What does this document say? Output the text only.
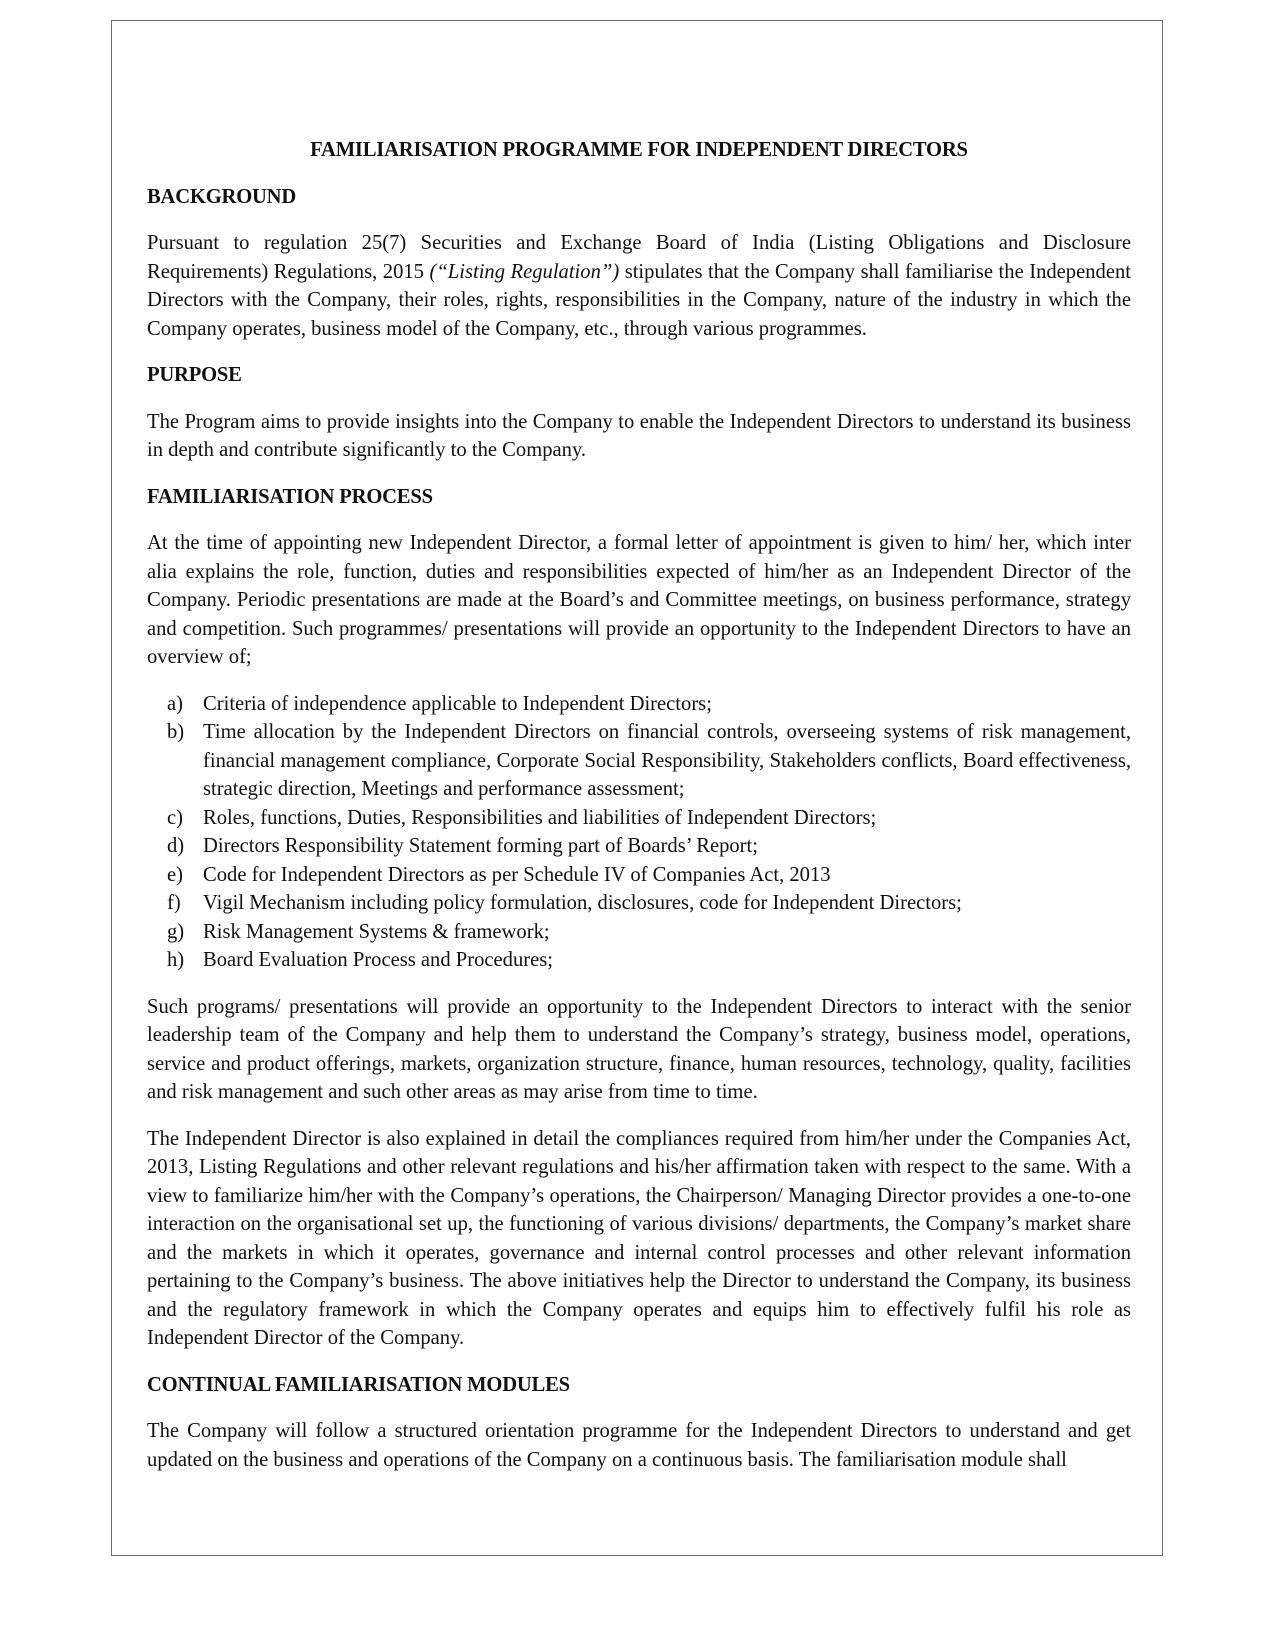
FAMILIARISATION PROGRAMME FOR INDEPENDENT DIRECTORS
BACKGROUND

Pursuant to regulation 25(7) Securities and Exchange Board of India (Listing Obligations and Disclosure Requirements) Regulations, 2015 (“Listing Regulation”) stipulates that the Company shall familiarise the Independent Directors with the Company, their roles, rights, responsibilities in the Company, nature of the industry in which the Company operates, business model of the Company, etc., through various programmes.

PURPOSE

The Program aims to provide insights into the Company to enable the Independent Directors to understand its business in depth and contribute significantly to the Company.

FAMILIARISATION PROCESS

At the time of appointing new Independent Director, a formal letter of appointment is given to him/ her, which inter alia explains the role, function, duties and responsibilities expected of him/her as an Independent Director of the Company. Periodic presentations are made at the Board’s and Committee meetings, on business performance, strategy and competition. Such programmes/ presentations will provide an opportunity to the Independent Directors to have an overview of;

a) Criteria of independence applicable to Independent Directors;
b) Time allocation by the Independent Directors on financial controls, overseeing systems of risk management, financial management compliance, Corporate Social Responsibility, Stakeholders conflicts, Board effectiveness, strategic direction, Meetings and performance assessment;
c) Roles, functions, Duties, Responsibilities and liabilities of Independent Directors;
d) Directors Responsibility Statement forming part of Boards’ Report;
e) Code for Independent Directors as per Schedule IV of Companies Act, 2013
f)	Vigil Mechanism including policy formulation, disclosures, code for Independent Directors;
g) Risk Management Systems & framework;
h) Board Evaluation Process and Procedures;

Such programs/ presentations will provide an opportunity to the Independent Directors to interact with the senior leadership team of the Company and help them to understand the Company’s strategy, business model, operations, service and product offerings, markets, organization structure, finance, human resources, technology, quality, facilities and risk management and such other areas as may arise from time to time.

The Independent Director is also explained in detail the compliances required from him/her under the Companies Act, 2013, Listing Regulations and other relevant regulations and his/her affirmation taken with respect to the same. With a view to familiarize him/her with the Company’s operations, the Chairperson/ Managing Director provides a one-to-one interaction on the organisational set up, the functioning of various divisions/ departments, the Company’s market share and the markets in which it operates, governance and internal control processes and other relevant information pertaining to the Company’s business. The above initiatives help the Director to understand the Company, its business and the regulatory framework in which the Company operates and equips him to effectively fulfil his role as Independent Director of the Company.

CONTINUAL FAMILIARISATION MODULES

The Company will follow a structured orientation programme for the Independent Directors to understand and get updated on the business and operations of the Company on a continuous basis. The familiarisation module shall
